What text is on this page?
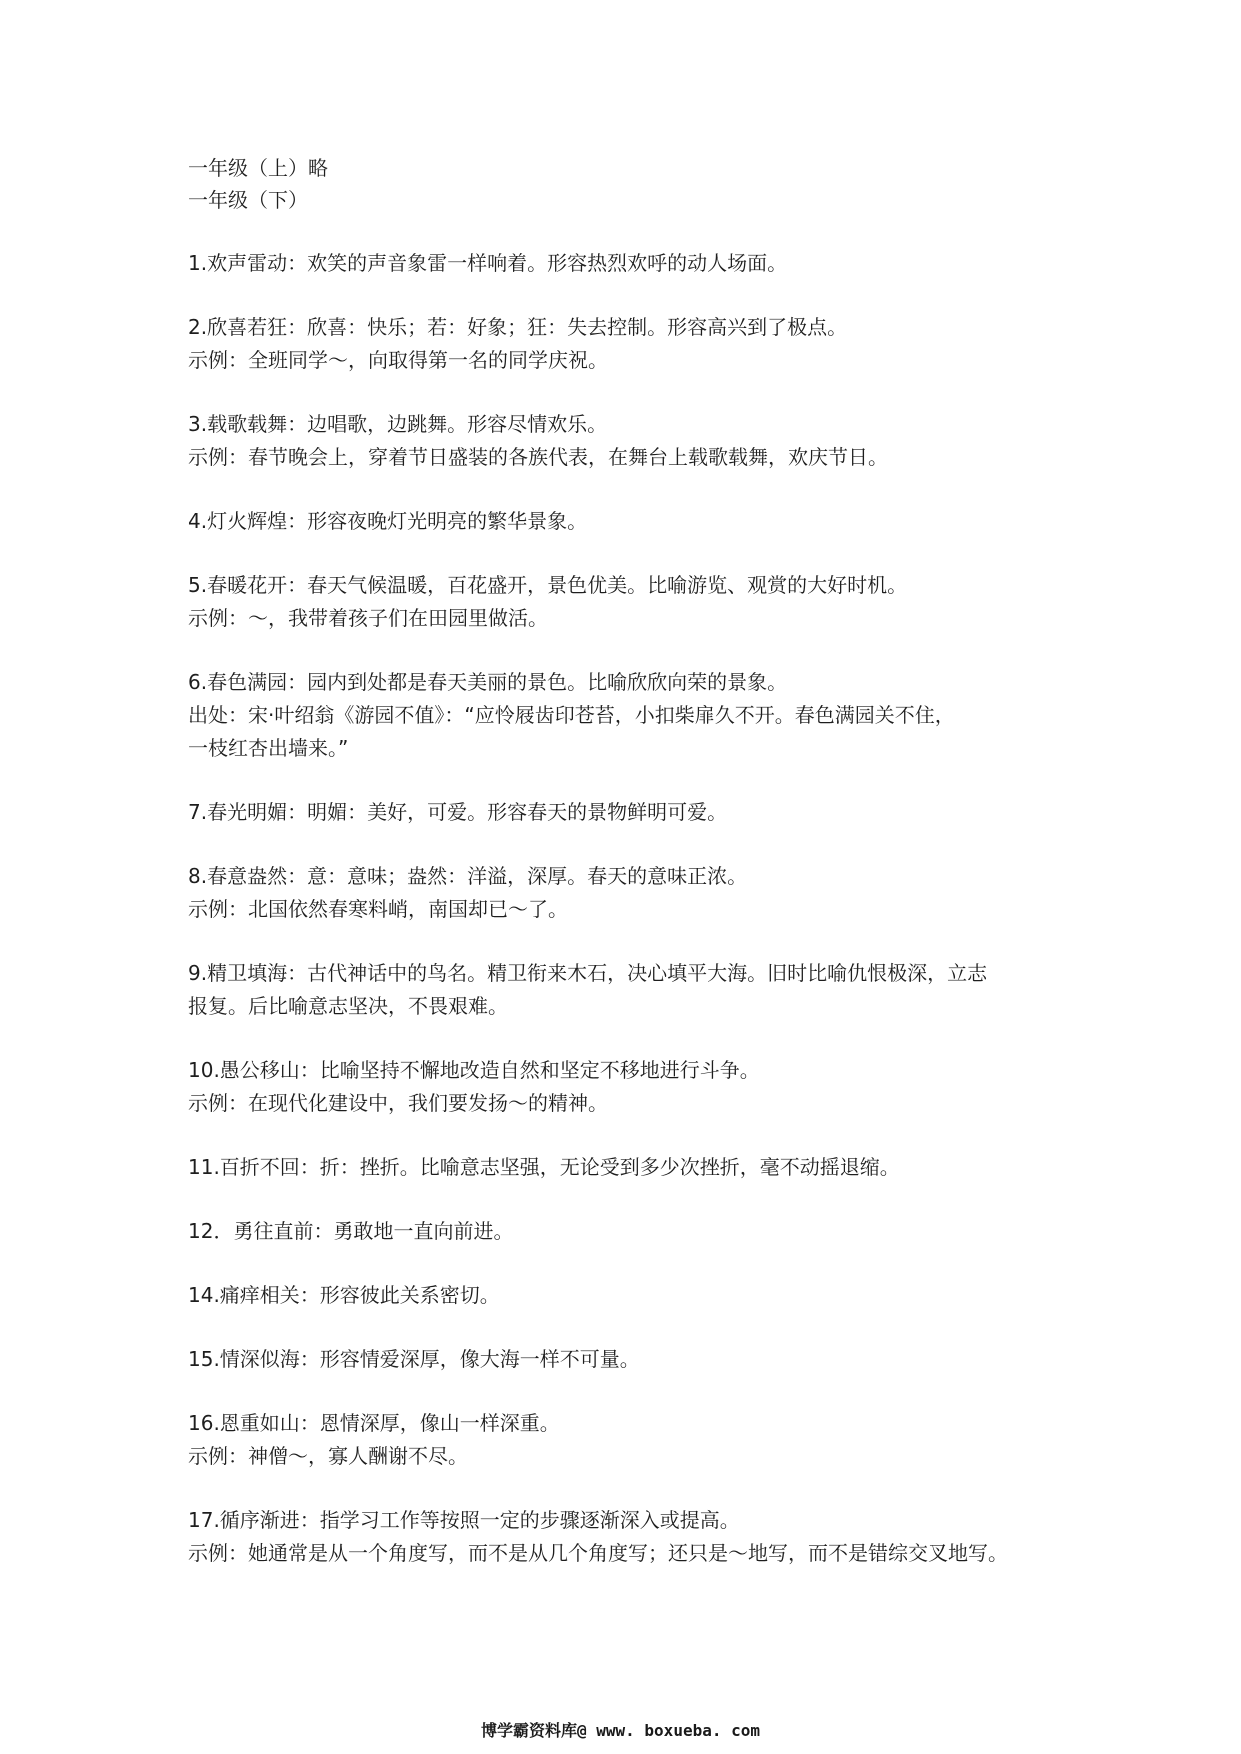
一年级（上）略
一年级（下）
1.欢声雷动：欢笑的声音象雷一样响着。形容热烈欢呼的动人场面。
2.欣喜若狂：欣喜：快乐；若：好象；狂：失去控制。形容高兴到了极点。
示例：全班同学～，向取得第一名的同学庆祝。
3.载歌载舞：边唱歌，边跳舞。形容尽情欢乐。
示例：春节晚会上，穿着节日盛装的各族代表，在舞台上载歌载舞，欢庆节日。
4.灯火辉煌：形容夜晚灯光明亮的繁华景象。
5.春暖花开：春天气候温暖，百花盛开，景色优美。比喻游览、观赏的大好时机。
示例：～，我带着孩子们在田园里做活。
6.春色满园：园内到处都是春天美丽的景色。比喻欣欣向荣的景象。
出处：宋·叶绍翁《游园不值》：“应怜屐齿印苍苔，小扣柴扉久不开。春色满园关不住，
一枝红杏出墙来。”
7.春光明媚：明媚：美好，可爱。形容春天的景物鲜明可爱。
8.春意盎然：意：意味；盎然：洋溢，深厚。春天的意味正浓。
示例：北国依然春寒料峭，南国却已～了。
9.精卫填海：古代神话中的鸟名。精卫衔来木石，决心填平大海。旧时比喻仇恨极深，立志
报复。后比喻意志坚决，不畏艰难。
10.愚公移山：比喻坚持不懈地改造自然和坚定不移地进行斗争。
示例：在现代化建设中，我们要发扬～的精神。
11.百折不回：折：挫折。比喻意志坚强，无论受到多少次挫折，毫不动摇退缩。
12．勇往直前：勇敢地一直向前进。
14.痛痒相关：形容彼此关系密切。
15.情深似海：形容情爱深厚，像大海一样不可量。
16.恩重如山：恩情深厚，像山一样深重。
示例：神僧～，寡人酬谢不尽。
17.循序渐进：指学习工作等按照一定的步骤逐渐深入或提高。
示例：她通常是从一个角度写，而不是从几个角度写；还只是～地写，而不是错综交叉地写。
博学霸资料库@ www. boxueba. com
